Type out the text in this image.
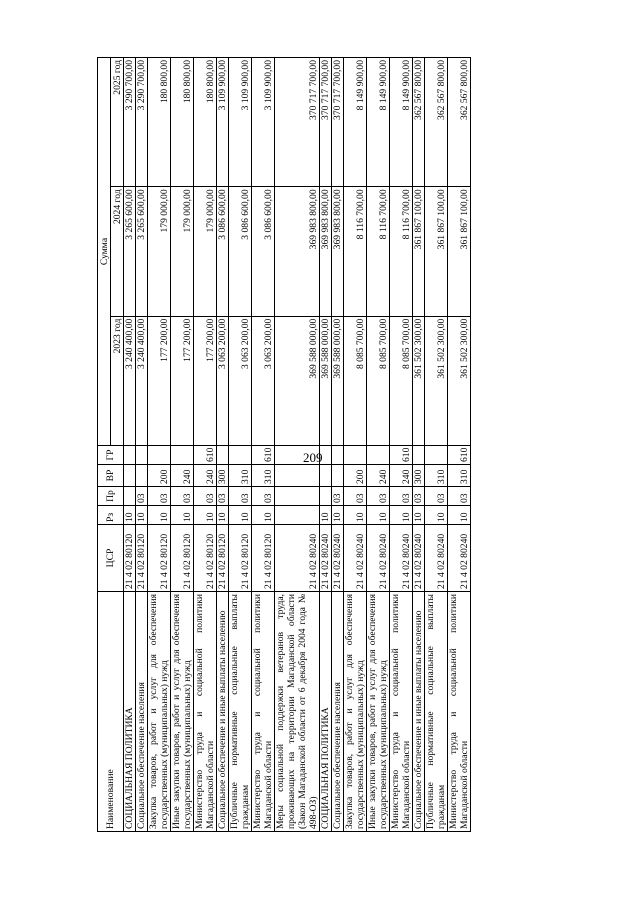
209
Наименование	ЦСР	Рз	Пр	ВР	ГР	Сумма		
						2023 год	2024 год	2025 год
СОЦИАЛЬНАЯ ПОЛИТИКА	21 4 02 80120	10				3 240 400,00	3 265 600,00	3 290 700,00
Социальное обеспечение населения	21 4 02 80120	10	03			3 240 400,00	3 265 600,00	3 290 700,00
Закупка товаров, работ и услуг для обеспечения государственных (муниципальных) нужд	21 4 02 80120	10	03	200		177 200,00	179 000,00	180 800,00
Иные закупки товаров, работ и услуг для обеспечения государственных (муниципальных) нужд	21 4 02 80120	10	03	240		177 200,00	179 000,00	180 800,00
Министерство труда и социальной политики Магаданской области	21 4 02 80120	10	03	240	610	177 200,00	179 000,00	180 800,00
Социальное обеспечение и иные выплаты населению	21 4 02 80120	10	03	300		3 063 200,00	3 086 600,00	3 109 900,00
Публичные нормативные социальные выплаты гражданам	21 4 02 80120	10	03	310		3 063 200,00	3 086 600,00	3 109 900,00
Министерство труда и социальной политики Магаданской области	21 4 02 80120	10	03	310	610	3 063 200,00	3 086 600,00	3 109 900,00
Меры социальной поддержки ветеранов труда, проживающих на территории Магаданской области (Закон Магаданской области от 6 декабря 2004 года № 498-ОЗ)	21 4 02 80240					369 588 000,00	369 983 800,00	370 717 700,00
СОЦИАЛЬНАЯ ПОЛИТИКА	21 4 02 80240	10				369 588 000,00	369 983 800,00	370 717 700,00
Социальное обеспечение населения	21 4 02 80240	10	03			369 588 000,00	369 983 800,00	370 717 700,00
Закупка товаров, работ и услуг для обеспечения государственных (муниципальных) нужд	21 4 02 80240	10	03	200		8 085 700,00	8 116 700,00	8 149 900,00
Иные закупки товаров, работ и услуг для обеспечения государственных (муниципальных) нужд	21 4 02 80240	10	03	240		8 085 700,00	8 116 700,00	8 149 900,00
Министерство труда и социальной политики Магаданской области	21 4 02 80240	10	03	240	610	8 085 700,00	8 116 700,00	8 149 900,00
Социальное обеспечение и иные выплаты населению	21 4 02 80240	10	03	300		361 502 300,00	361 867 100,00	362 567 800,00
Публичные нормативные социальные выплаты гражданам	21 4 02 80240	10	03	310		361 502 300,00	361 867 100,00	362 567 800,00
Министерство труда и социальной политики Магаданской области	21 4 02 80240	10	03	310	610	361 502 300,00	361 867 100,00	362 567 800,00
